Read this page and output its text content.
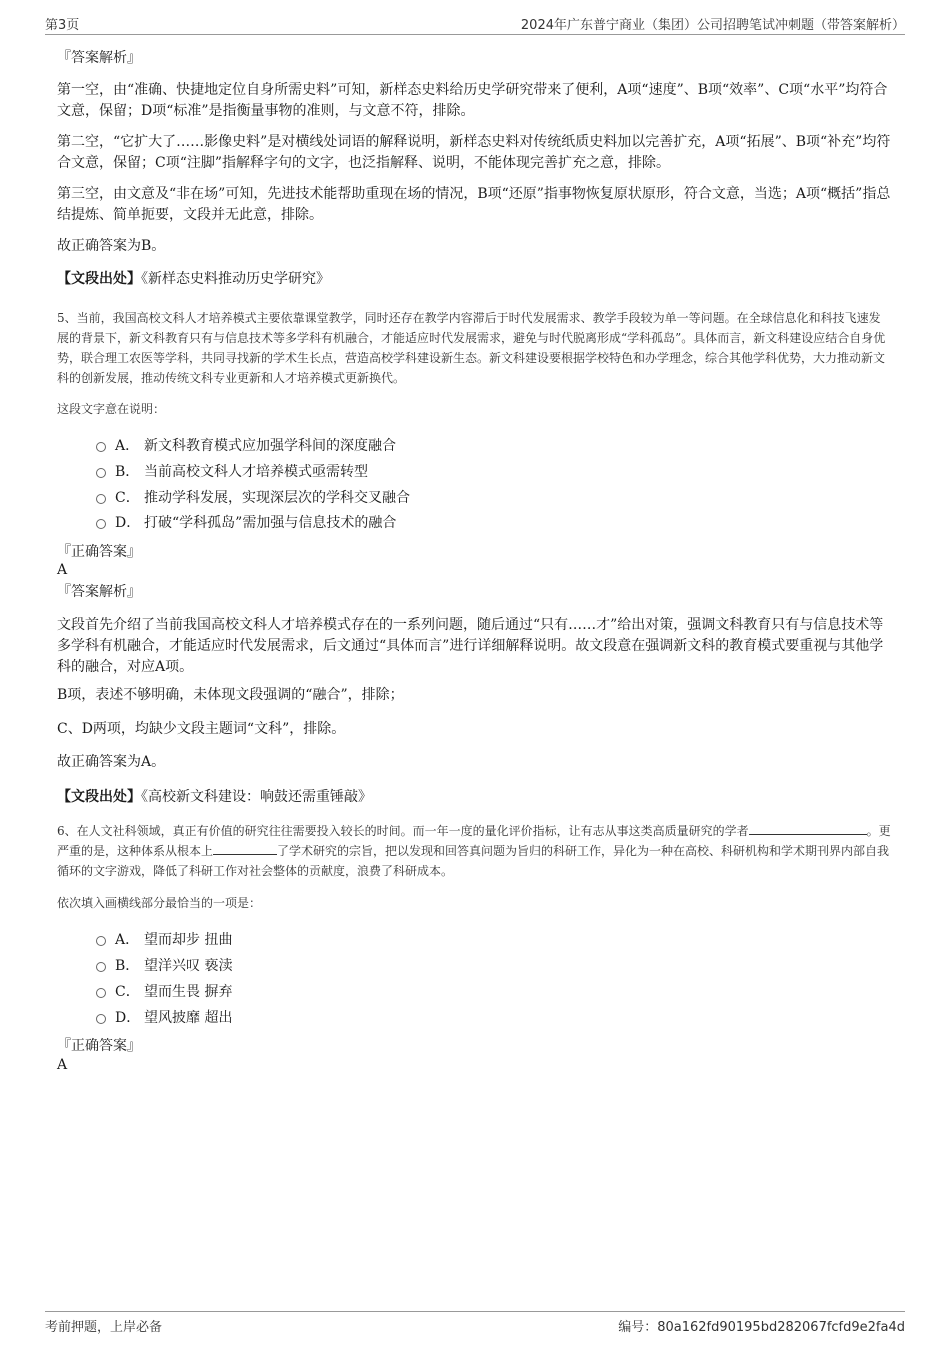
第3页	2024年广东普宁商业（集团）公司招聘笔试冲刺题（带答案解析）
『答案解析』
第一空，由“准确、快捷地定位自身所需史料”可知，新样态史料给历史学研究带来了便利，A项“速度”、B项“效率”、C项“水平”均符合文意，保留；D项“标准”是指衡量事物的准则，与文意不符，排除。
第二空，“它扩大了……影像史料”是对横线处词语的解释说明，新样态史料对传统纸质史料加以完善扩充，A项“拓展”、B项“补充”均符合文意，保留；C项“注脚”指解释字句的文字，也泛指解释、说明，不能体现完善扩充之意，排除。
第三空，由文意及“非在场”可知，先进技术能帮助重现在场的情况，B项“还原”指事物恢复原状原形，符合文意，当选；A项“概括”指总结提炼、简单扼要，文段并无此意，排除。
故正确答案为B。
【文段出处】《新样态史料推动历史学研究》
5、当前，我国高校文科人才培养模式主要依靠课堂教学，同时还存在教学内容滞后于时代发展需求、教学手段较为单一等问题。在全球信息化和科技飞速发展的背景下，新文科教育只有与信息技术等多学科有机融合，才能适应时代发展需求，避免与时代脱离形成“学科孤岛”。具体而言，新文科建设应结合自身优势，联合理工农医等学科，共同寻找新的学术生长点，营造高校学科建设新生态。新文科建设要根据学校特色和办学理念，综合其他学科优势，大力推动新文科的创新发展，推动传统文科专业更新和人才培养模式更新换代。
这段文字意在说明：
A． 新文科教育模式应加强学科间的深度融合
B． 当前高校文科人才培养模式亟需转型
C． 推动学科发展，实现深层次的学科交叉融合
D． 打破“学科孤岛”需加强与信息技术的融合
『正确答案』
A
『答案解析』
文段首先介绍了当前我国高校文科人才培养模式存在的一系列问题，随后通过“只有……才”给出对策，强调文科教育只有与信息技术等多学科有机融合，才能适应时代发展需求，后文通过“具体而言”进行详细解释说明。故文段意在强调新文科的教育模式要重视与其他学科的融合，对应A项。
B项，表述不够明确，未体现文段强调的“融合”，排除；
C、D两项，均缺少文段主题词“文科”，排除。
故正确答案为A。
【文段出处】《高校新文科建设：响鼓还需重锤敲》
6、在人文社科领域，真正有价值的研究往往需要投入较长的时间。而一年一度的量化评价指标，让有志从事这类高质量研究的学者	。更严重的是，这种体系从根本上	了学术研究的宗旨，把以发现和回答真问题为旨归的科研工作，异化为一种在高校、科研机构和学术期刊界内部自我循环的文字游戏，降低了科研工作对社会整体的贡献度，浪费了科研成本。
依次填入画横线部分最恰当的一项是：
A． 望而却步 扭曲
B． 望洋兴叹 亵渎
C． 望而生畏 摒弃
D． 望风披靡 超出
『正确答案』
A
考前押题，上岸必备	编号：80a162fd90195bd282067fcfd9e2fa4d
